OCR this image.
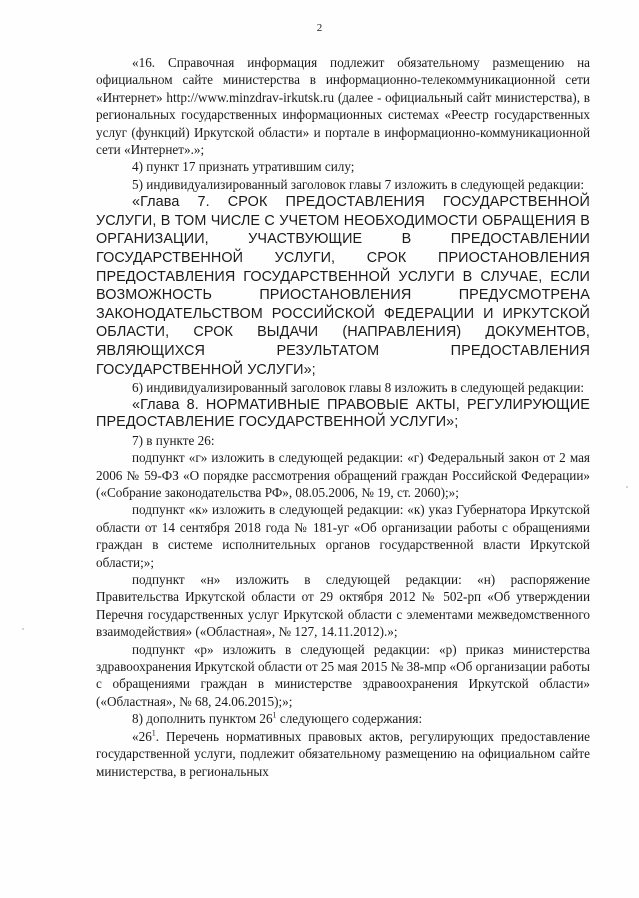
2

«16. Справочная информация подлежит обязательному размещению на официальном сайте министерства в информационно-телекоммуникационной сети «Интернет» http://www.minzdrav-irkutsk.ru (далее - официальный сайт министерства), в региональных государственных информационных системах «Реестр государственных услуг (функций) Иркутской области» и портале в информационно-коммуникационной сети «Интернет».»;

4) пункт 17 признать утратившим силу;

5) индивидуализированный заголовок главы 7 изложить в следующей редакции:

«Глава 7. СРОК ПРЕДОСТАВЛЕНИЯ ГОСУДАРСТВЕННОЙ УСЛУГИ, В ТОМ ЧИСЛЕ С УЧЕТОМ НЕОБХОДИМОСТИ ОБРАЩЕНИЯ В ОРГАНИЗАЦИИ, УЧАСТВУЮЩИЕ В ПРЕДОСТАВЛЕНИИ ГОСУДАРСТВЕННОЙ УСЛУГИ, СРОК ПРИОСТАНОВЛЕНИЯ ПРЕДОСТАВЛЕНИЯ ГОСУДАРСТВЕННОЙ УСЛУГИ В СЛУЧАЕ, ЕСЛИ ВОЗМОЖНОСТЬ ПРИОСТАНОВЛЕНИЯ ПРЕДУСМОТРЕНА ЗАКОНОДАТЕЛЬСТВОМ РОССИЙСКОЙ ФЕДЕРАЦИИ И ИРКУТСКОЙ ОБЛАСТИ, СРОК ВЫДАЧИ (НАПРАВЛЕНИЯ) ДОКУМЕНТОВ, ЯВЛЯЮЩИХСЯ РЕЗУЛЬТАТОМ ПРЕДОСТАВЛЕНИЯ ГОСУДАРСТВЕННОЙ УСЛУГИ»;

6) индивидуализированный заголовок главы 8 изложить в следующей редакции:

«Глава 8. НОРМАТИВНЫЕ ПРАВОВЫЕ АКТЫ, РЕГУЛИРУЮЩИЕ ПРЕДОСТАВЛЕНИЕ ГОСУДАРСТВЕННОЙ УСЛУГИ»;

7) в пункте 26:

подпункт «г» изложить в следующей редакции: «г) Федеральный закон от 2 мая 2006 № 59-ФЗ «О порядке рассмотрения обращений граждан Российской Федерации» («Собрание законодательства РФ», 08.05.2006, № 19, ст. 2060);»;

подпункт «к» изложить в следующей редакции: «к) указ Губернатора Иркутской области от 14 сентября 2018 года № 181-уг «Об организации работы с обращениями граждан в системе исполнительных органов государственной власти Иркутской области;»;

подпункт «н» изложить в следующей редакции: «н) распоряжение Правительства Иркутской области от 29 октября 2012 № 502-рп «Об утверждении Перечня государственных услуг Иркутской области с элементами межведомственного взаимодействия» («Областная», № 127, 14.11.2012).»;

подпункт «р» изложить в следующей редакции: «р) приказ министерства здравоохранения Иркутской области от 25 мая 2015 № 38-мпр «Об организации работы с обращениями граждан в министерстве здравоохранения Иркутской области» («Областная», № 68, 24.06.2015);»;

8) дополнить пунктом $26^1$ следующего содержания:

«$26^1$. Перечень нормативных правовых актов, регулирующих предоставление государственной услуги, подлежит обязательному размещению на официальном сайте министерства, в региональных
